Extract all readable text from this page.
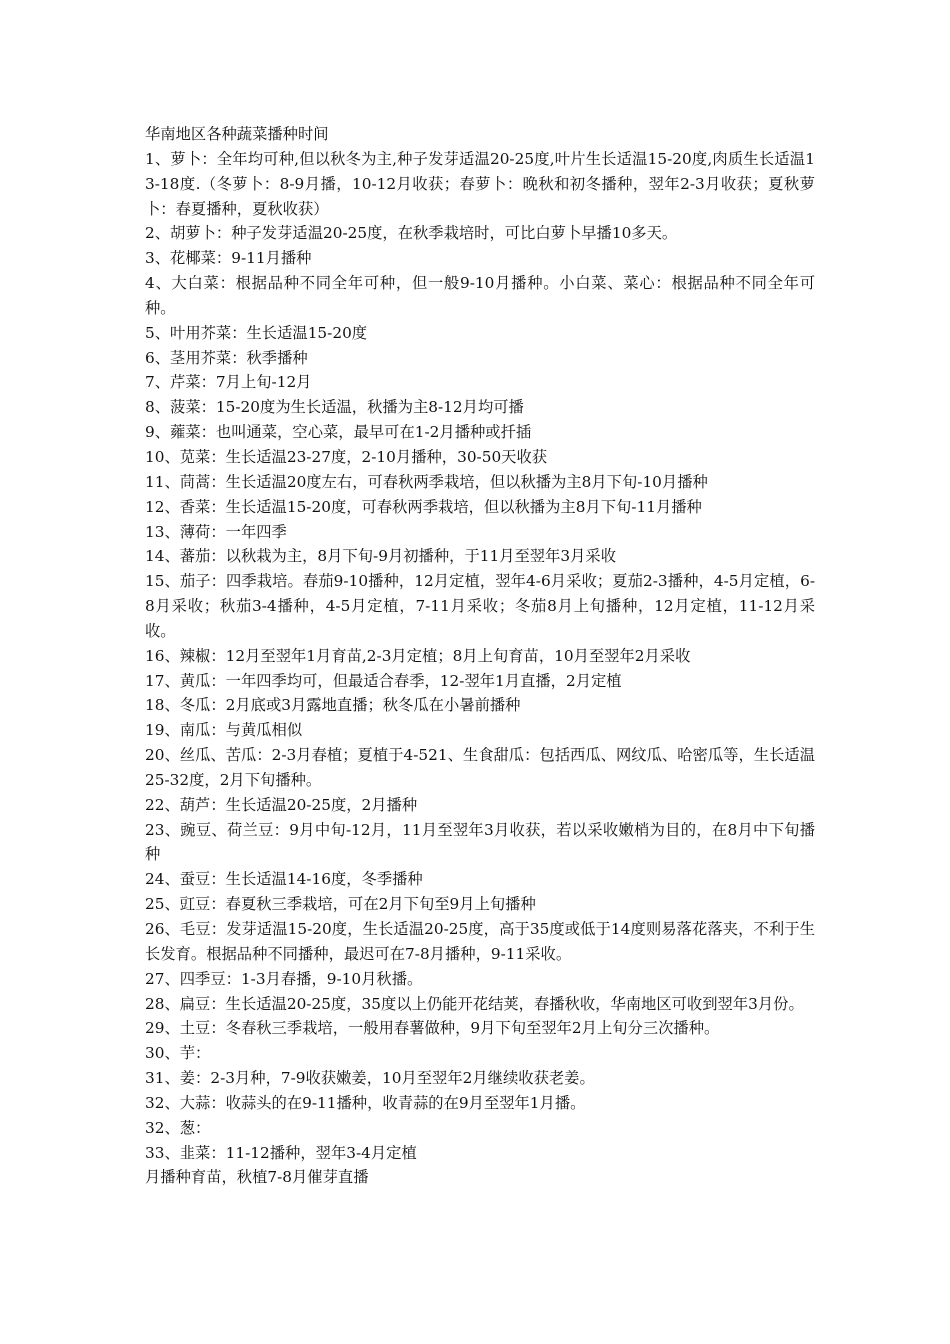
华南地区各种蔬菜播种时间

1、萝卜：全年均可种,但以秋冬为主,种子发芽适温20-25度,叶片生长适温15-20度,肉质生长适温13-18度.（冬萝卜：8-9月播，10-12月收获；春萝卜：晚秋和初冬播种，翌年2-3月收获；夏秋萝卜：春夏播种，夏秋收获）

2、胡萝卜：种子发芽适温20-25度，在秋季栽培时，可比白萝卜早播10多天。

3、花椰菜：9-11月播种

4、大白菜：根据品种不同全年可种，但一般9-10月播种。小白菜、菜心：根据品种不同全年可种。

5、叶用芥菜：生长适温15-20度

6、茎用芥菜：秋季播种

7、芹菜：7月上旬-12月

8、菠菜：15-20度为生长适温，秋播为主8-12月均可播

9、蕹菜：也叫通菜，空心菜，最早可在1-2月播种或扦插

10、苋菜：生长适温23-27度，2-10月播种，30-50天收获

11、茼蒿：生长适温20度左右，可春秋两季栽培，但以秋播为主8月下旬-10月播种

12、香菜：生长适温15-20度，可春秋两季栽培，但以秋播为主8月下旬-11月播种

13、薄荷：一年四季

14、蕃茄：以秋栽为主，8月下旬-9月初播种，于11月至翌年3月采收

15、茄子：四季栽培。春茄9-10播种，12月定植，翌年4-6月采收；夏茄2-3播种，4-5月定植，6-8月采收；秋茄3-4播种，4-5月定植，7-11月采收；冬茄8月上旬播种，12月定植，11-12月采收。

16、辣椒：12月至翌年1月育苗,2-3月定植；8月上旬育苗，10月至翌年2月采收

17、黄瓜：一年四季均可，但最适合春季，12-翌年1月直播，2月定植

18、冬瓜：2月底或3月露地直播；秋冬瓜在小暑前播种

19、南瓜：与黄瓜相似

20、丝瓜、苦瓜：2-3月春植；夏植于4-521、生食甜瓜：包括西瓜、网纹瓜、哈密瓜等，生长适温25-32度，2月下旬播种。

22、葫芦：生长适温20-25度，2月播种

23、豌豆、荷兰豆：9月中旬-12月，11月至翌年3月收获，若以采收嫩梢为目的，在8月中下旬播种

24、蚕豆：生长适温14-16度，冬季播种

25、豇豆：春夏秋三季栽培，可在2月下旬至9月上旬播种

26、毛豆：发芽适温15-20度，生长适温20-25度，高于35度或低于14度则易落花落夹，不利于生长发育。根据品种不同播种，最迟可在7-8月播种，9-11采收。

27、四季豆：1-3月春播，9-10月秋播。

28、扁豆：生长适温20-25度，35度以上仍能开花结荚，春播秋收，华南地区可收到翌年3月份。

29、土豆：冬春秋三季栽培，一般用春薯做种，9月下旬至翌年2月上旬分三次播种。

30、芋：

31、姜：2-3月种，7-9收获嫩姜，10月至翌年2月继续收获老姜。

32、大蒜：收蒜头的在9-11播种，收青蒜的在9月至翌年1月播。

32、葱：

33、韭菜：11-12播种，翌年3-4月定植

月播种育苗，秋植7-8月催芽直播
